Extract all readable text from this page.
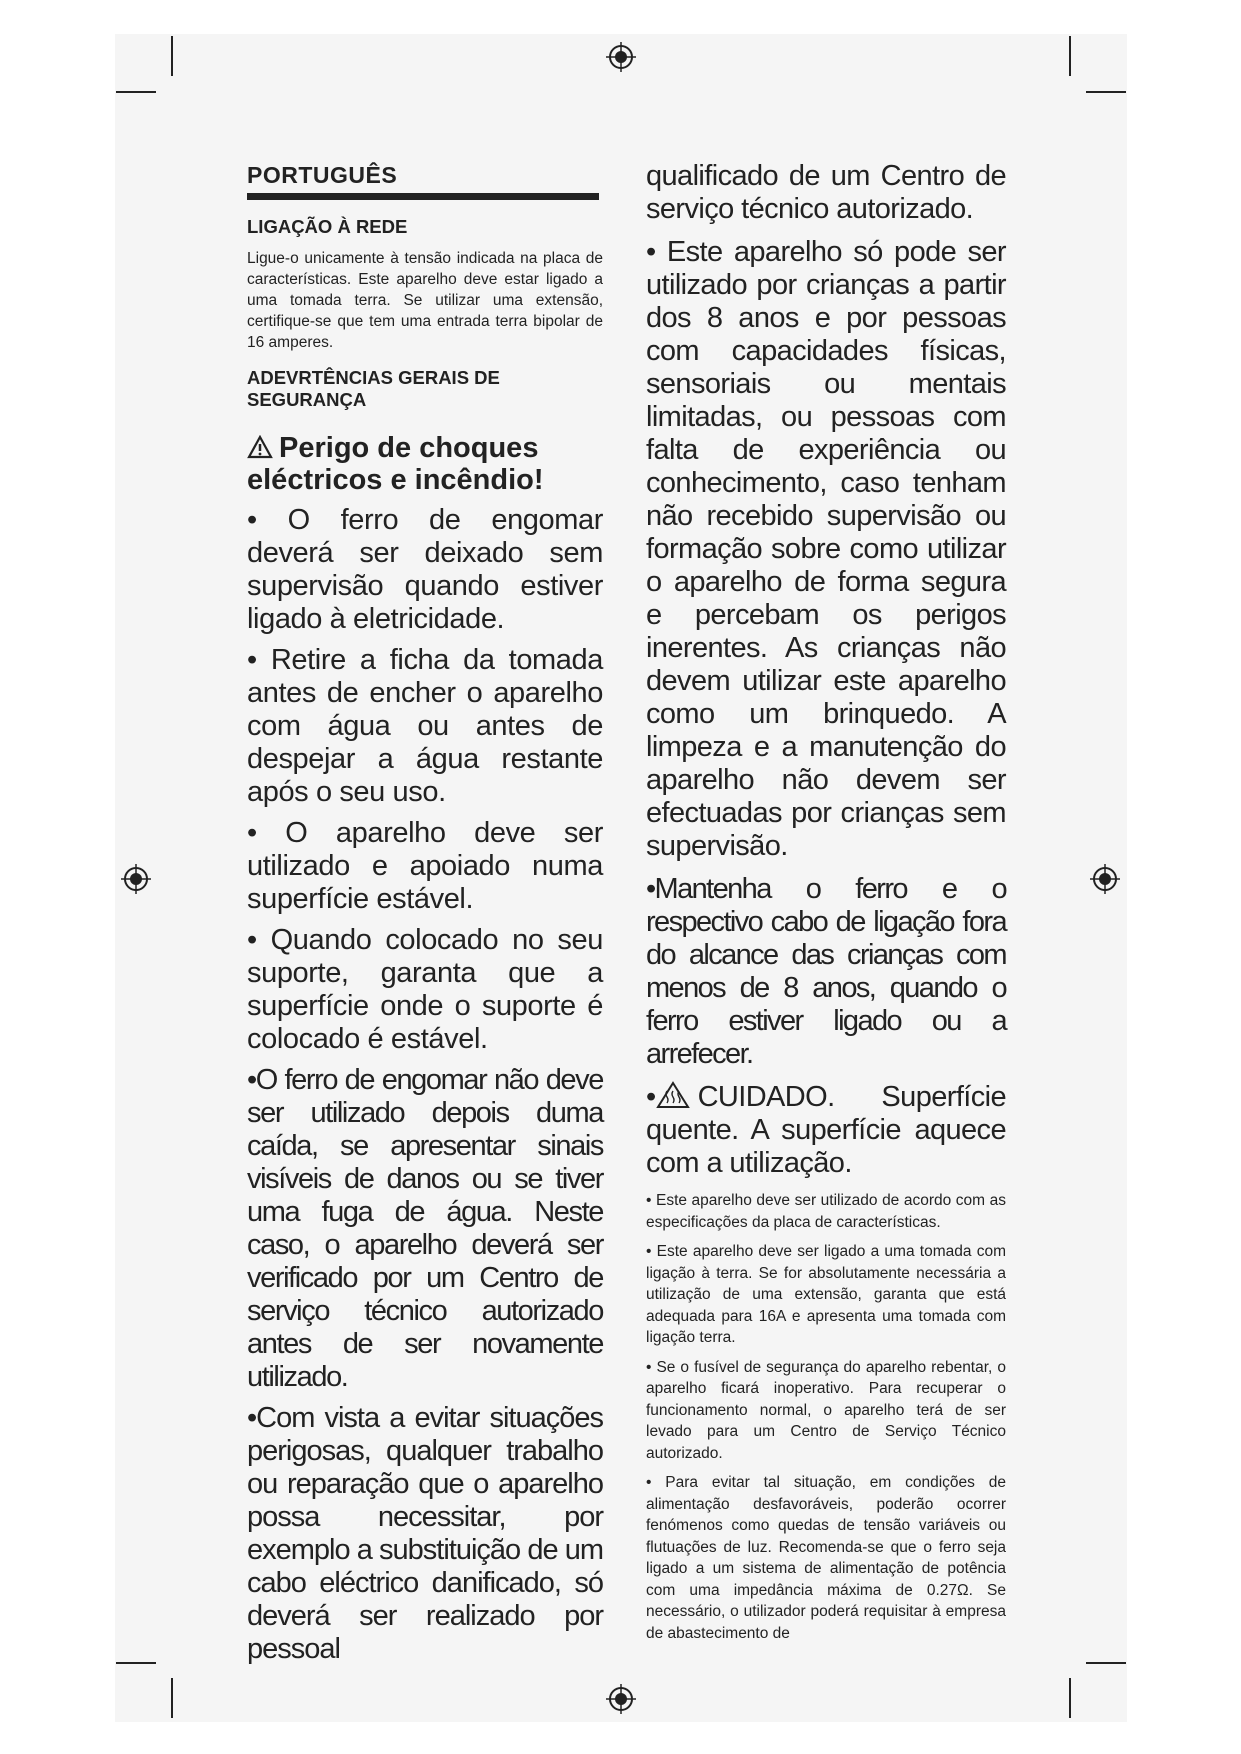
PORTUGUÊS
LIGAÇÃO À REDE

Ligue-o unicamente à tensão indicada na placa de características. Este aparelho deve estar ligado a uma tomada terra. Se utilizar uma extensão, certifique-se que tem uma entrada terra bipolar de 16 amperes.

ADEVRTÊNCIAS GERAIS DE SEGURANÇA
Perigo de choques eléctricos e incêndio!

• O ferro de engomar deverá ser deixado sem supervisão quando estiver ligado à eletricidade.

• Retire a ficha da tomada antes de encher o aparelho com água ou antes de despejar a água restante após o seu uso.

• O aparelho deve ser utilizado e apoiado numa superfície estável.

• Quando colocado no seu suporte, garanta que a superfície onde o suporte é colocado é estável.

•O ferro de engomar não deve ser utilizado depois duma caída, se apresentar sinais visíveis de danos ou se tiver uma fuga de água. Neste caso, o aparelho deverá ser verificado por um Centro de serviço técnico autorizado antes de ser novamente utilizado.

•Com vista a evitar situações perigosas, qualquer trabalho ou reparação que o aparelho possa necessitar, por exemplo a substituição de um cabo eléctrico danificado, só deverá ser realizado por pessoal

qualificado de um Centro de serviço técnico autorizado.

• Este aparelho só pode ser utilizado por crianças a partir dos 8 anos e por pessoas com capacidades físicas, sensoriais ou mentais limitadas, ou pessoas com falta de experiência ou conhecimento, caso tenham não recebido supervisão ou formação sobre como utilizar o aparelho de forma segura e percebam os perigos inerentes. As crianças não devem utilizar este aparelho como um brinquedo. A limpeza e a manutenção do aparelho não devem ser efectuadas por crianças sem supervisão.

•Mantenha o ferro e o respectivo cabo de ligação fora do alcance das crianças com menos de 8 anos, quando o ferro estiver ligado ou a arrefecer.

• CUIDADO. Superfície quente. A superfície aquece com a utilização.

• Este aparelho deve ser utilizado de acordo com as especificações da placa de características.

• Este aparelho deve ser ligado a uma tomada com ligação à terra. Se for absolutamente necessária a utilização de uma extensão, garanta que está adequada para 16A e apresenta uma tomada com ligação terra.

• Se o fusível de segurança do aparelho rebentar, o aparelho ficará inoperativo. Para recuperar o funcionamento normal, o aparelho terá de ser levado para um Centro de Serviço Técnico autorizado.

• Para evitar tal situação, em condições de alimentação desfavoráveis, poderão ocorrer fenómenos como quedas de tensão variáveis ou flutuações de luz. Recomenda-se que o ferro seja ligado a um sistema de alimentação de potência com uma impedância máxima de 0.27Ω. Se necessário, o utilizador poderá requisitar à empresa de abastecimento de
